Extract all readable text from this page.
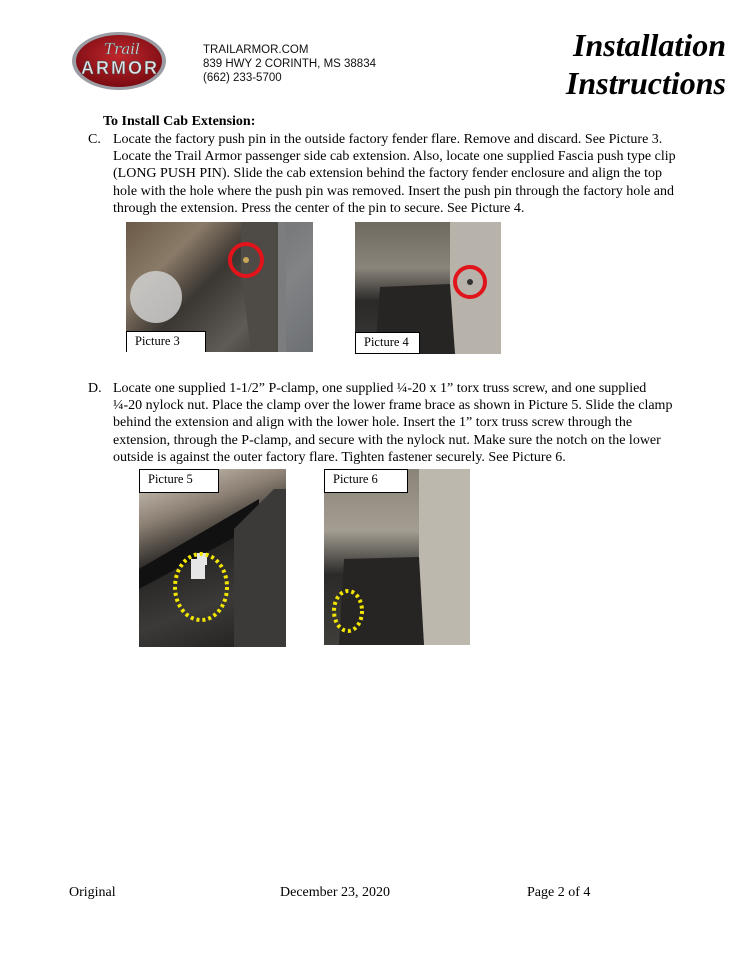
Trail
ARMOR
TRAILARMOR.COM
839 HWY 2 CORINTH, MS 38834
(662) 233-5700
Installation
Instructions
To Install Cab Extension:
C. Locate the factory push pin in the outside factory fender flare. Remove and discard. See Picture 3. Locate the Trail Armor passenger side cab extension. Also, locate one supplied Fascia push type clip (LONG PUSH PIN). Slide the cab extension behind the factory fender enclosure and align the top hole with the hole where the push pin was removed. Insert the push pin through the factory hole and through the extension. Press the center of the pin to secure. See Picture 4.
Picture 3	Picture 4
D. Locate one supplied 1-1/2” P-clamp, one supplied ¼-20 x 1” torx truss screw, and one supplied ¼-20 nylock nut. Place the clamp over the lower frame brace as shown in Picture 5. Slide the clamp behind the extension and align with the lower hole. Insert the 1” torx truss screw through the extension, through the P-clamp, and secure with the nylock nut. Make sure the notch on the lower outside is against the outer factory flare. Tighten fastener securely. See Picture 6.
Picture 5	Picture 6
Original	December 23, 2020	Page 2 of 4
